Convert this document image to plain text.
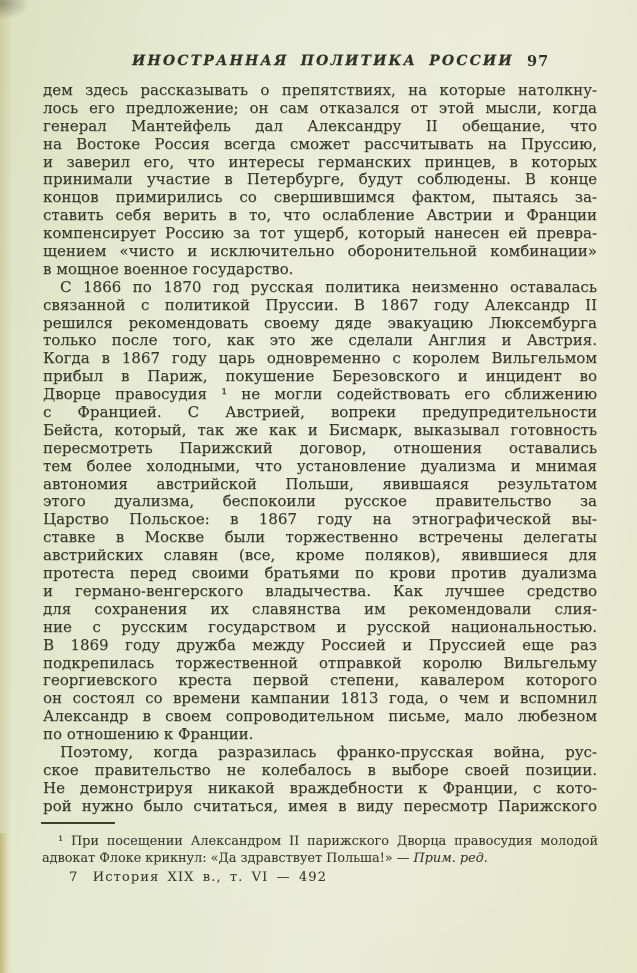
ИНОСТРАННАЯ ПОЛИТИКА РОССИИ 97
дем здесь рассказывать о препятствиях, на которые натолкну-
лось его предложение; он сам отказался от этой мысли, когда
генерал Мантейфель дал Александру II обещание, что
на Востоке Россия всегда сможет рассчитывать на Пруссию,
и заверил его, что интересы германских принцев, в которых
принимали участие в Петербурге, будут соблюдены. В конце
концов примирились со свершившимся фактом, пытаясь за-
ставить себя верить в то, что ослабление Австрии и Франции
компенсирует Россию за тот ущерб, который нанесен ей превра-
щением «чисто и исключительно оборонительной комбинации»
в мощное военное государство.
С 1866 по 1870 год русская политика неизменно оставалась
связанной с политикой Пруссии. В 1867 году Александр II
решился рекомендовать своему дяде эвакуацию Люксембурга
только после того, как это же сделали Англия и Австрия.
Когда в 1867 году царь одновременно с королем Вильгельмом
прибыл в Париж, покушение Березовского и инцидент во
Дворце правосудия ¹ не могли содействовать его сближению
с Францией. С Австрией, вопреки предупредительности
Бейста, который, так же как и Бисмарк, выказывал готовность
пересмотреть Парижский договор, отношения оставались
тем более холодными, что установление дуализма и мнимая
автономия австрийской Польши, явившаяся результатом
этого дуализма, беспокоили русское правительство за
Царство Польское: в 1867 году на этнографической вы-
ставке в Москве были торжественно встречены делегаты
австрийских славян (все, кроме поляков), явившиеся для
протеста перед своими братьями по крови против дуализма
и германо-венгерского владычества. Как лучшее средство
для сохранения их славянства им рекомендовали слия-
ние с русским государством и русской национальностью.
В 1869 году дружба между Россией и Пруссией еще раз
подкрепилась торжественной отправкой королю Вильгельму
георгиевского креста первой степени, кавалером которого
он состоял со времени кампании 1813 года, о чем и вспомнил
Александр в своем сопроводительном письме, мало любезном
по отношению к Франции.
Поэтому, когда разразилась франко-прусская война, рус-
ское правительство не колебалось в выборе своей позиции.
Не демонстрируя никакой враждебности к Франции, с кото-
рой нужно было считаться, имея в виду пересмотр Парижского
¹ При посещении Александром II парижского Дворца правосудия молодой
адвокат Флоке крикнул: «Да здравствует Польша!» — Прим. ред.
7 История XIX в., т. VI — 492
